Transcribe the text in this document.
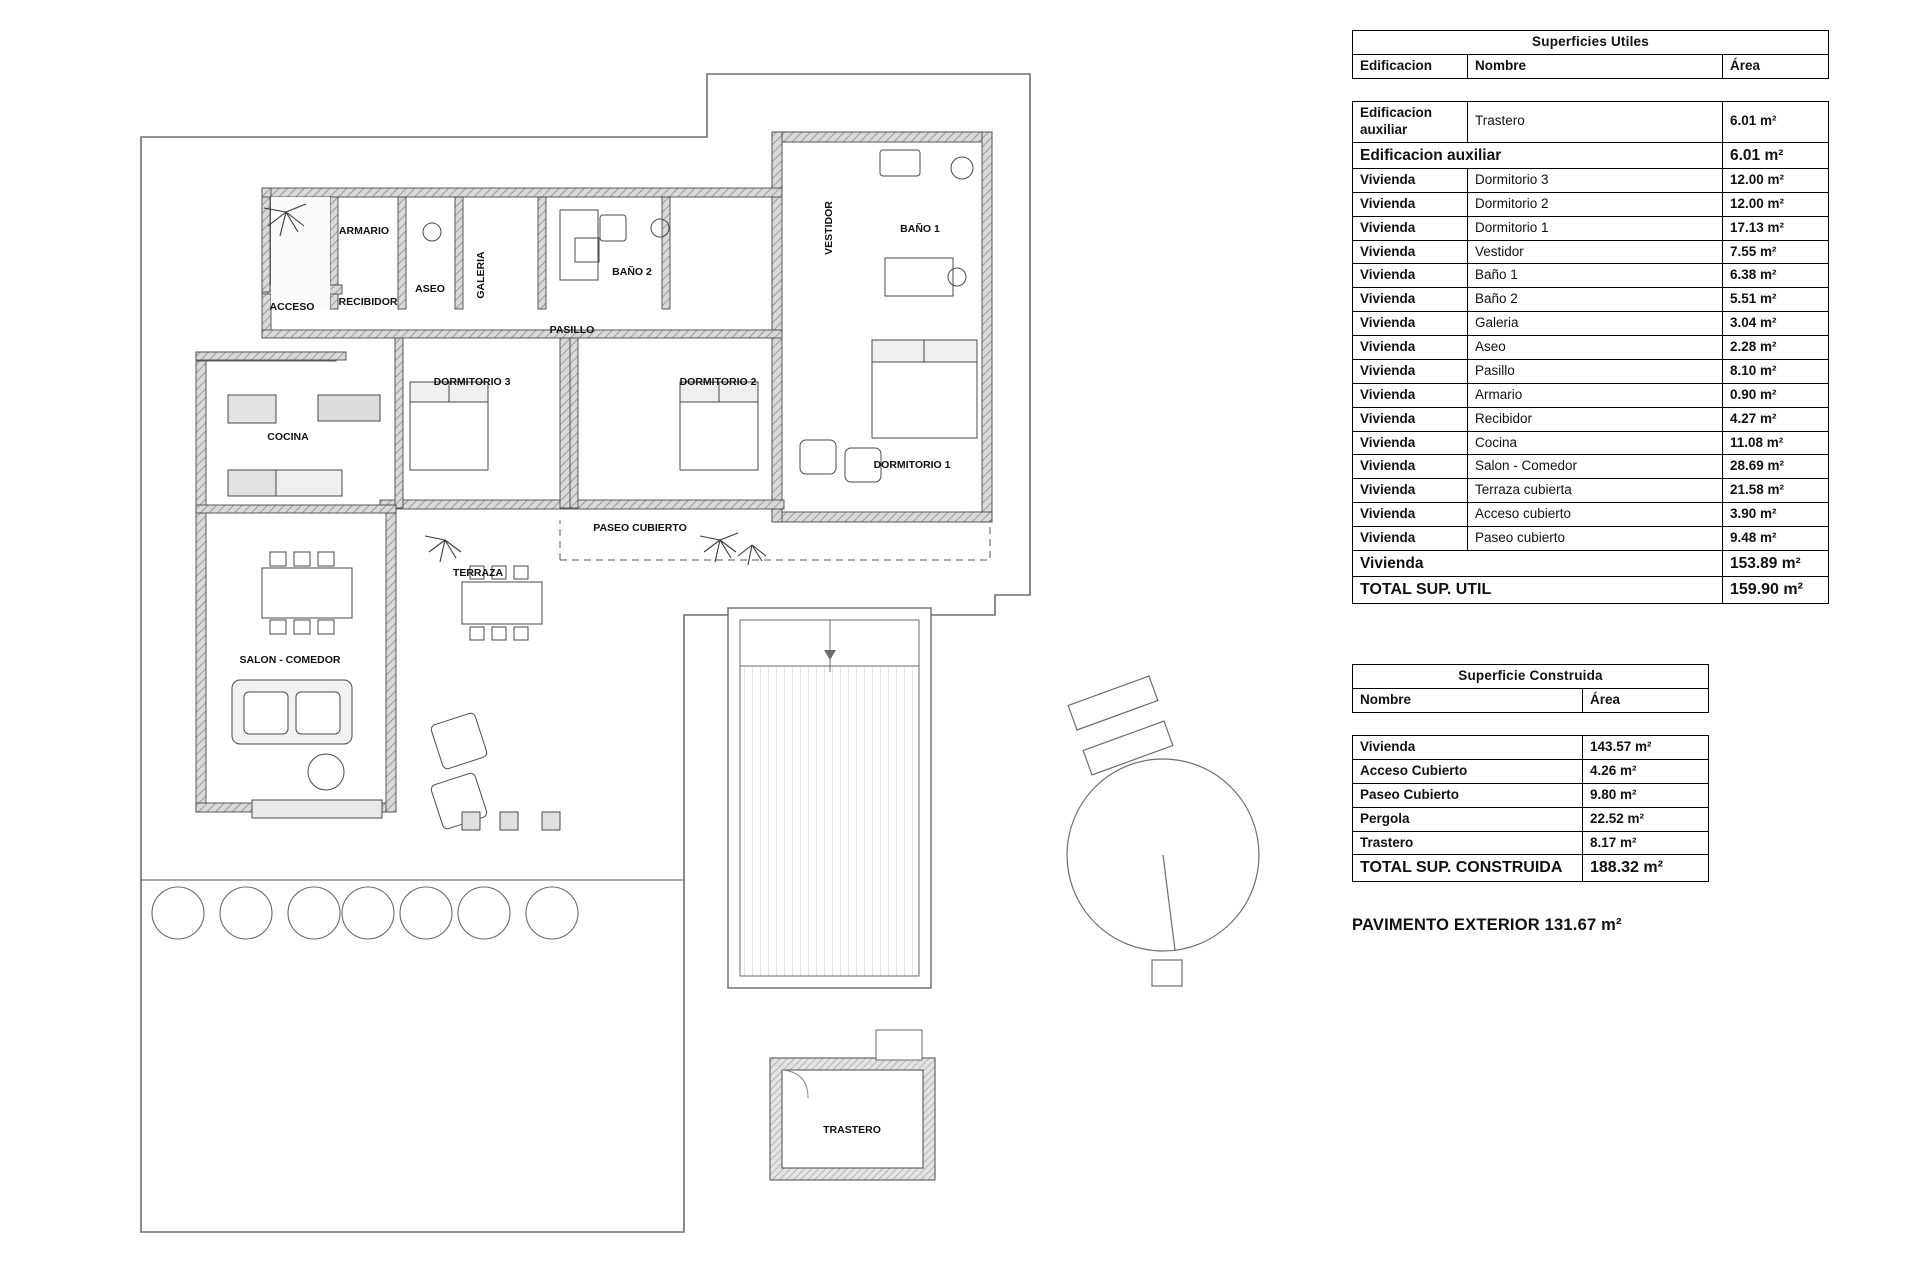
ACCESO
ARMARIO
RECIBIDOR
ASEO	GALERIA	BAÑO 2
BAÑO 1
VESTIDOR
PASILLO
DORMITORIO 3	DORMITORIO 2
DORMITORIO 1
COCINA
SALON - COMEDOR
TERRAZA
PASEO CUBIERTO
TRASTERO
Superficies Utiles		
Edificacion	Nombre	Área

Edificacion auxiliar	Trastero	6.01 m²
Edificacion auxiliar		6.01 m²
Vivienda	Dormitorio 3	12.00 m²
Vivienda	Dormitorio 2	12.00 m²
Vivienda	Dormitorio 1	17.13 m²
Vivienda	Vestidor	7.55 m²
Vivienda	Baño 1	6.38 m²
Vivienda	Baño 2	5.51 m²
Vivienda	Galeria	3.04 m²
Vivienda	Aseo	2.28 m²
Vivienda	Pasillo	8.10 m²
Vivienda	Armario	0.90 m²
Vivienda	Recibidor	4.27 m²
Vivienda	Cocina	11.08 m²
Vivienda	Salon - Comedor	28.69 m²
Vivienda	Terraza cubierta	21.58 m²
Vivienda	Acceso cubierto	3.90 m²
Vivienda	Paseo cubierto	9.48 m²
Vivienda		153.89 m²
TOTAL SUP. UTIL		159.90 m²
Superficie Construida	
Nombre	Área

Vivienda	143.57 m²
Acceso Cubierto	4.26 m²
Paseo Cubierto	9.80 m²
Pergola	22.52 m²
Trastero	8.17 m²
TOTAL SUP. CONSTRUIDA	188.32 m²
PAVIMENTO EXTERIOR 131.67 m²
